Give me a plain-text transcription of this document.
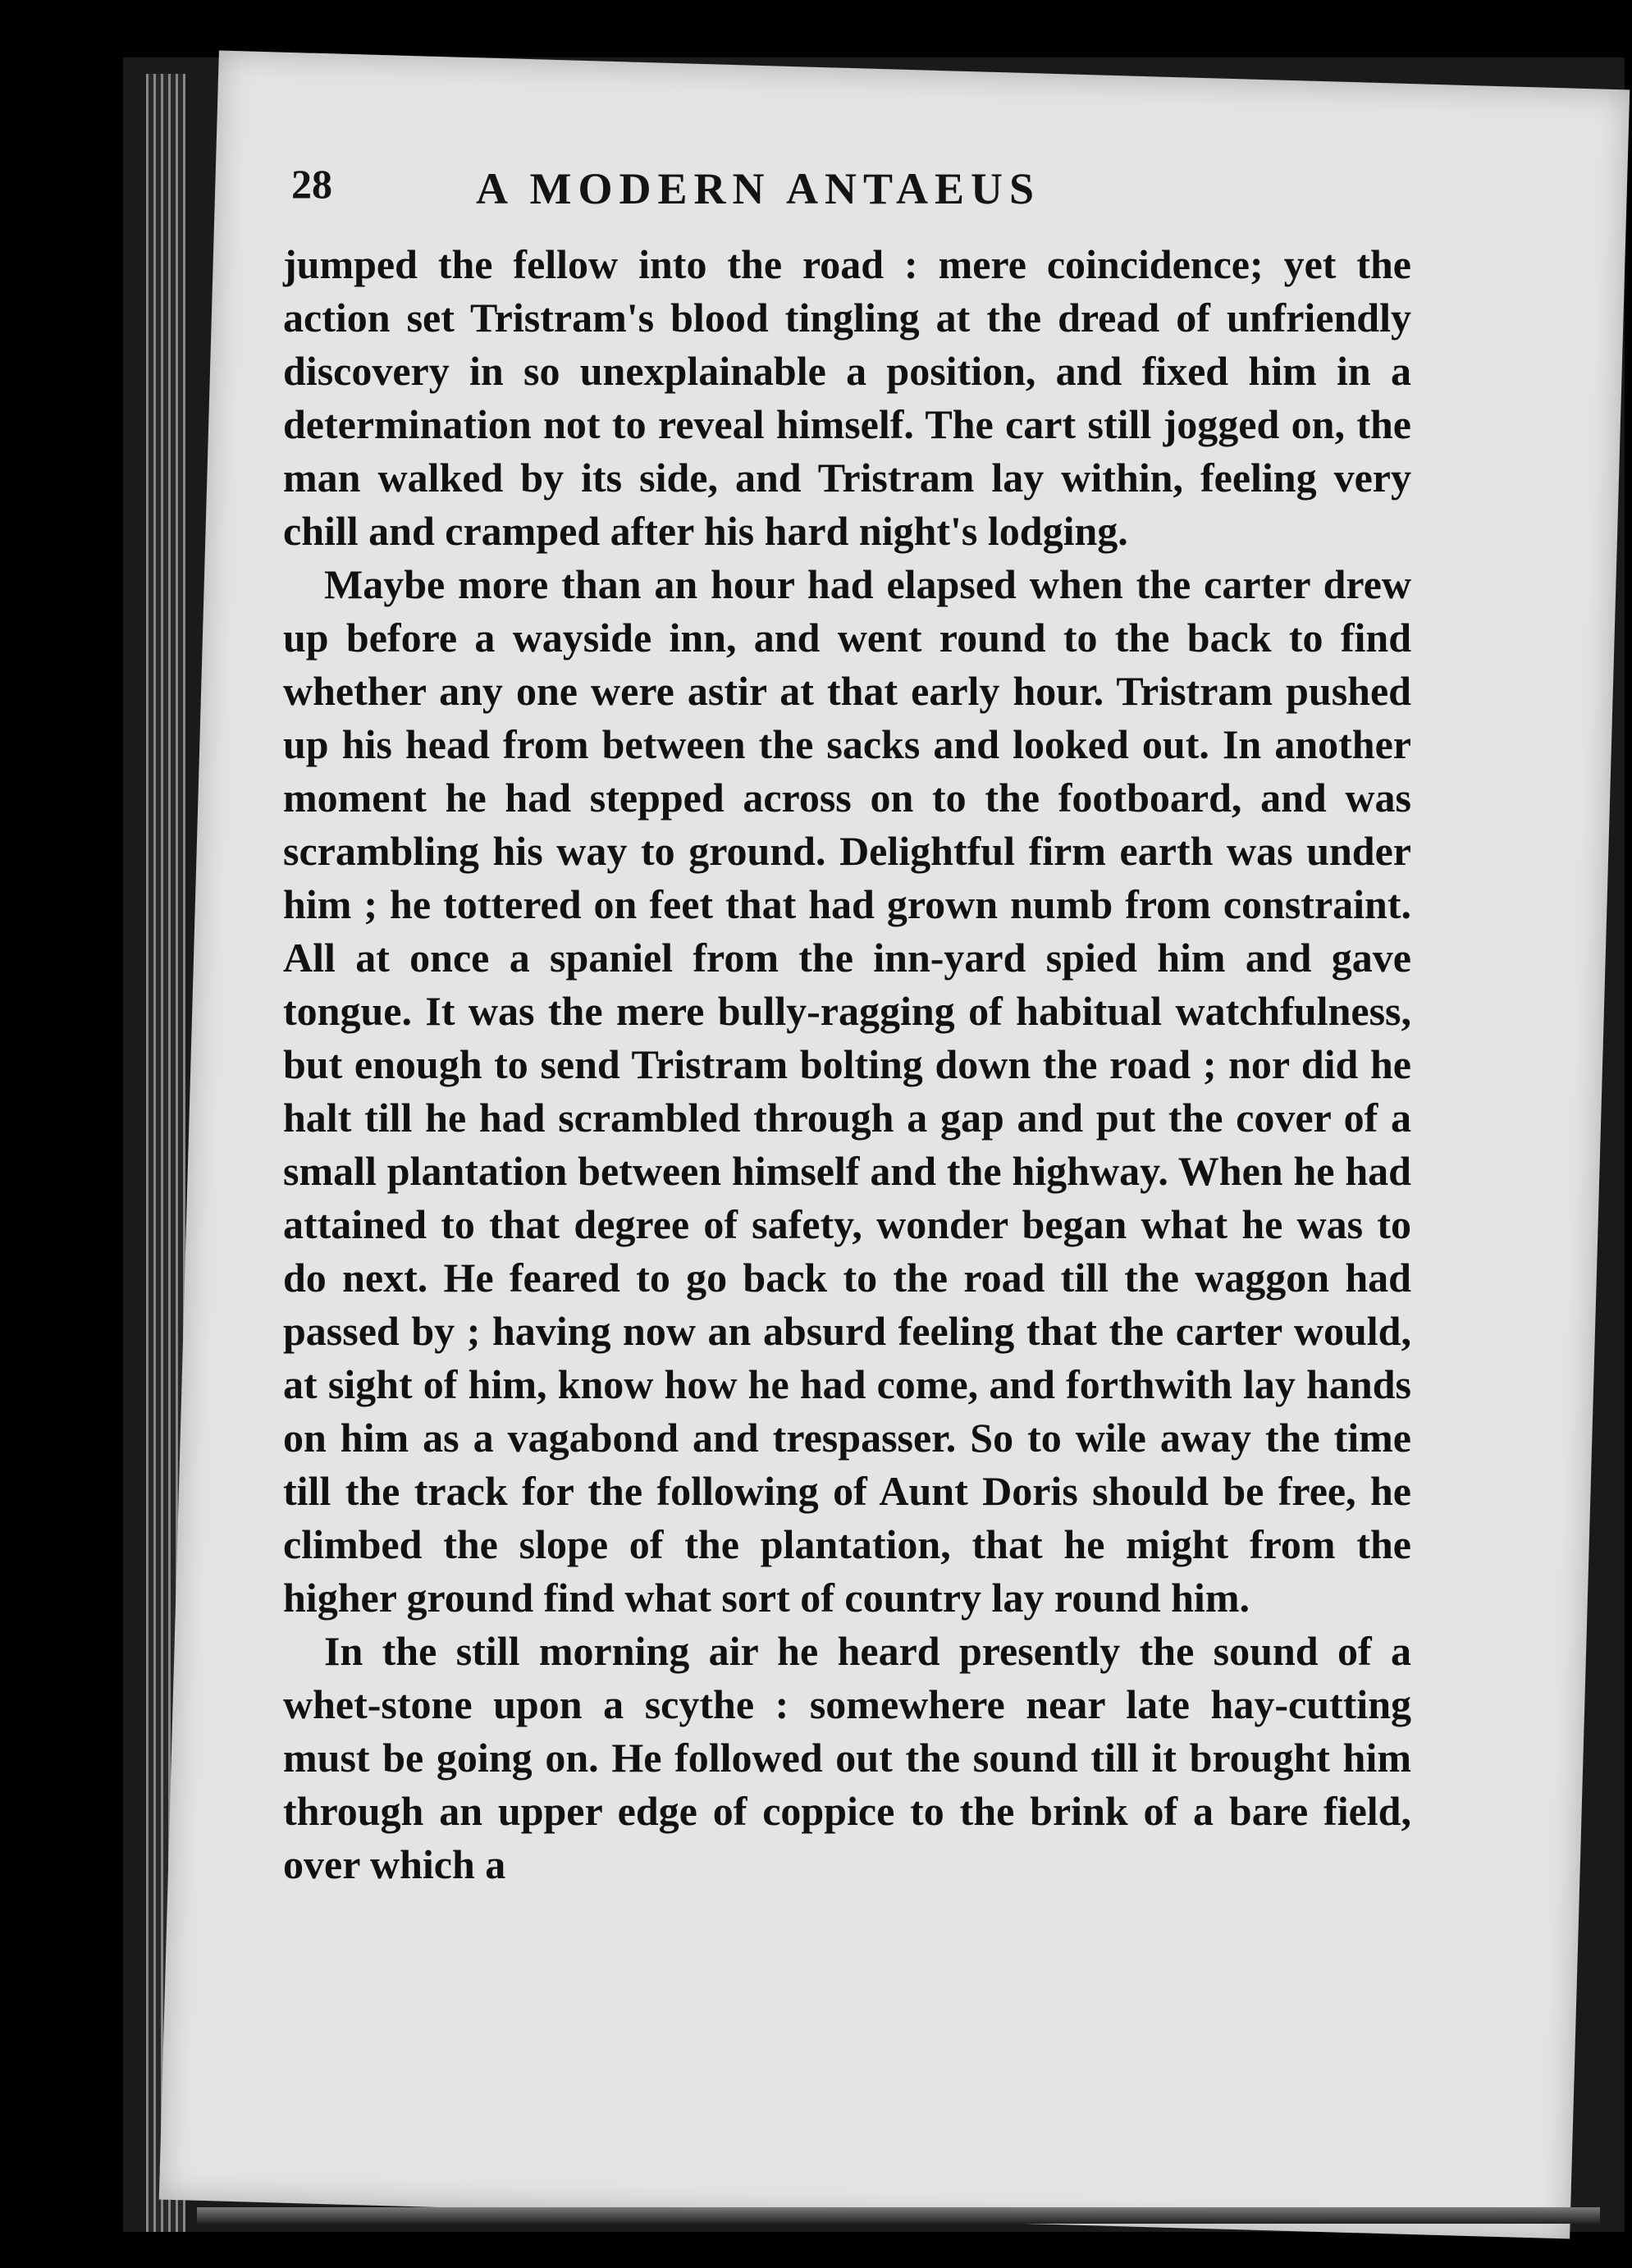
28	A MODERN ANTAEUS

jumped the fellow into the road : mere coincidence; yet the action set Tristram's blood tingling at the dread of unfriendly discovery in so unexplainable a position, and fixed him in a determination not to reveal himself. The cart still jogged on, the man walked by its side, and Tristram lay within, feeling very chill and cramped after his hard night's lodging.

Maybe more than an hour had elapsed when the carter drew up before a wayside inn, and went round to the back to find whether any one were astir at that early hour. Tristram pushed up his head from between the sacks and looked out. In another moment he had stepped across on to the footboard, and was scrambling his way to ground. Delightful firm earth was under him ; he tottered on feet that had grown numb from constraint. All at once a spaniel from the inn-yard spied him and gave tongue. It was the mere bully-ragging of habitual watchfulness, but enough to send Tristram bolting down the road ; nor did he halt till he had scrambled through a gap and put the cover of a small plantation between himself and the highway. When he had attained to that degree of safety, wonder began what he was to do next. He feared to go back to the road till the waggon had passed by ; having now an absurd feeling that the carter would, at sight of him, know how he had come, and forthwith lay hands on him as a vagabond and trespasser. So to wile away the time till the track for the following of Aunt Doris should be free, he climbed the slope of the plantation, that he might from the higher ground find what sort of country lay round him.

In the still morning air he heard presently the sound of a whet-stone upon a scythe : somewhere near late hay-cutting must be going on. He followed out the sound till it brought him through an upper edge of coppice to the brink of a bare field, over which a
